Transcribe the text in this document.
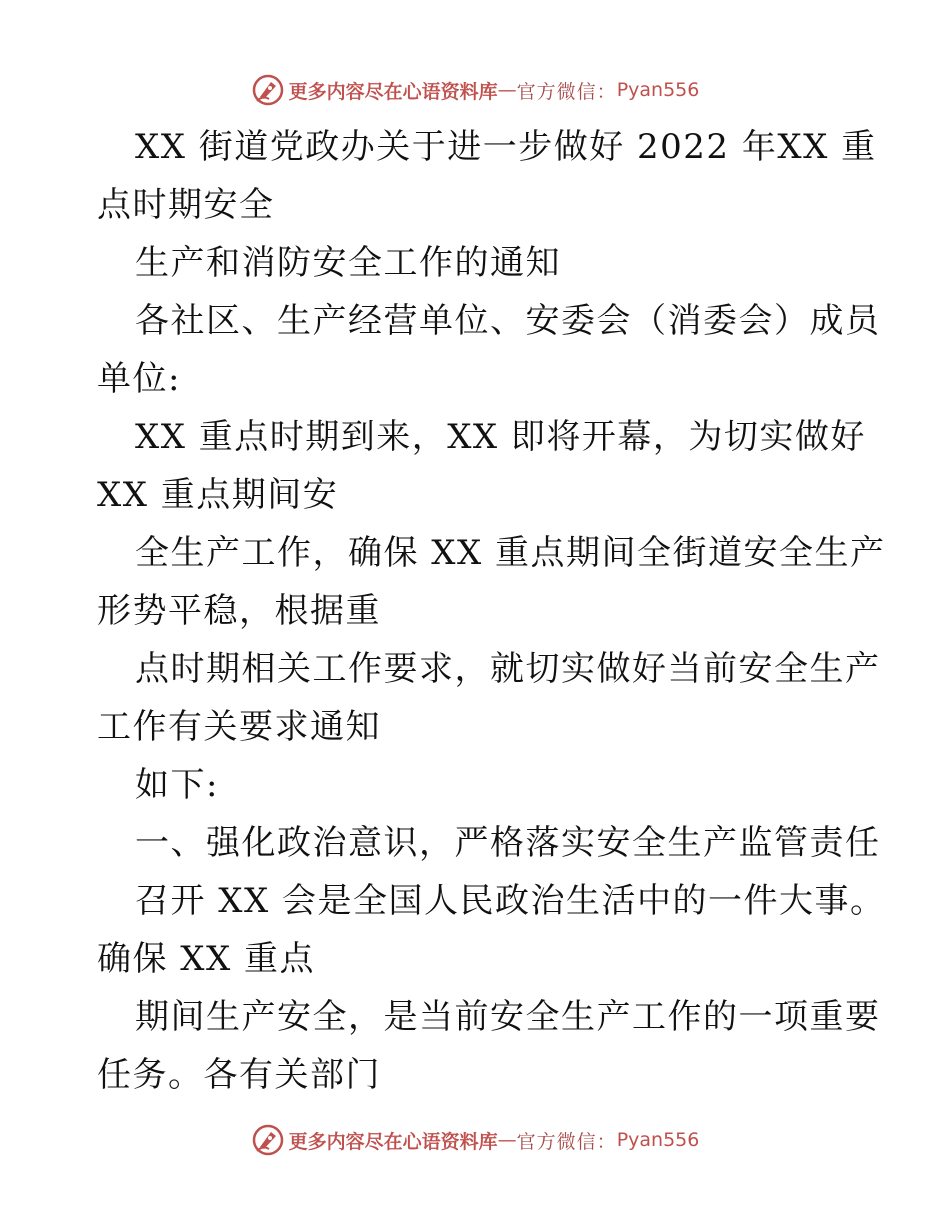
更多内容尽在心语资料库 — 官方微信： Pyan556
XX 街道党政办关于进一步做好 2022 年XX 重
点时期安全
生产和消防安全工作的通知
各社区、生产经营单位、安委会（消委会）成员
单位:
XX 重点时期到来，XX 即将开幕，为切实做好
XX 重点期间安
全生产工作，确保 XX 重点期间全街道安全生产
形势平稳，根据重
点时期相关工作要求，就切实做好当前安全生产
工作有关要求通知
如下:
一、强化政治意识，严格落实安全生产监管责任
召开 XX 会是全国人民政治生活中的一件大事。
确保 XX 重点
期间生产安全，是当前安全生产工作的一项重要
任务。各有关部门
更多内容尽在心语资料库 — 官方微信： Pyan556
